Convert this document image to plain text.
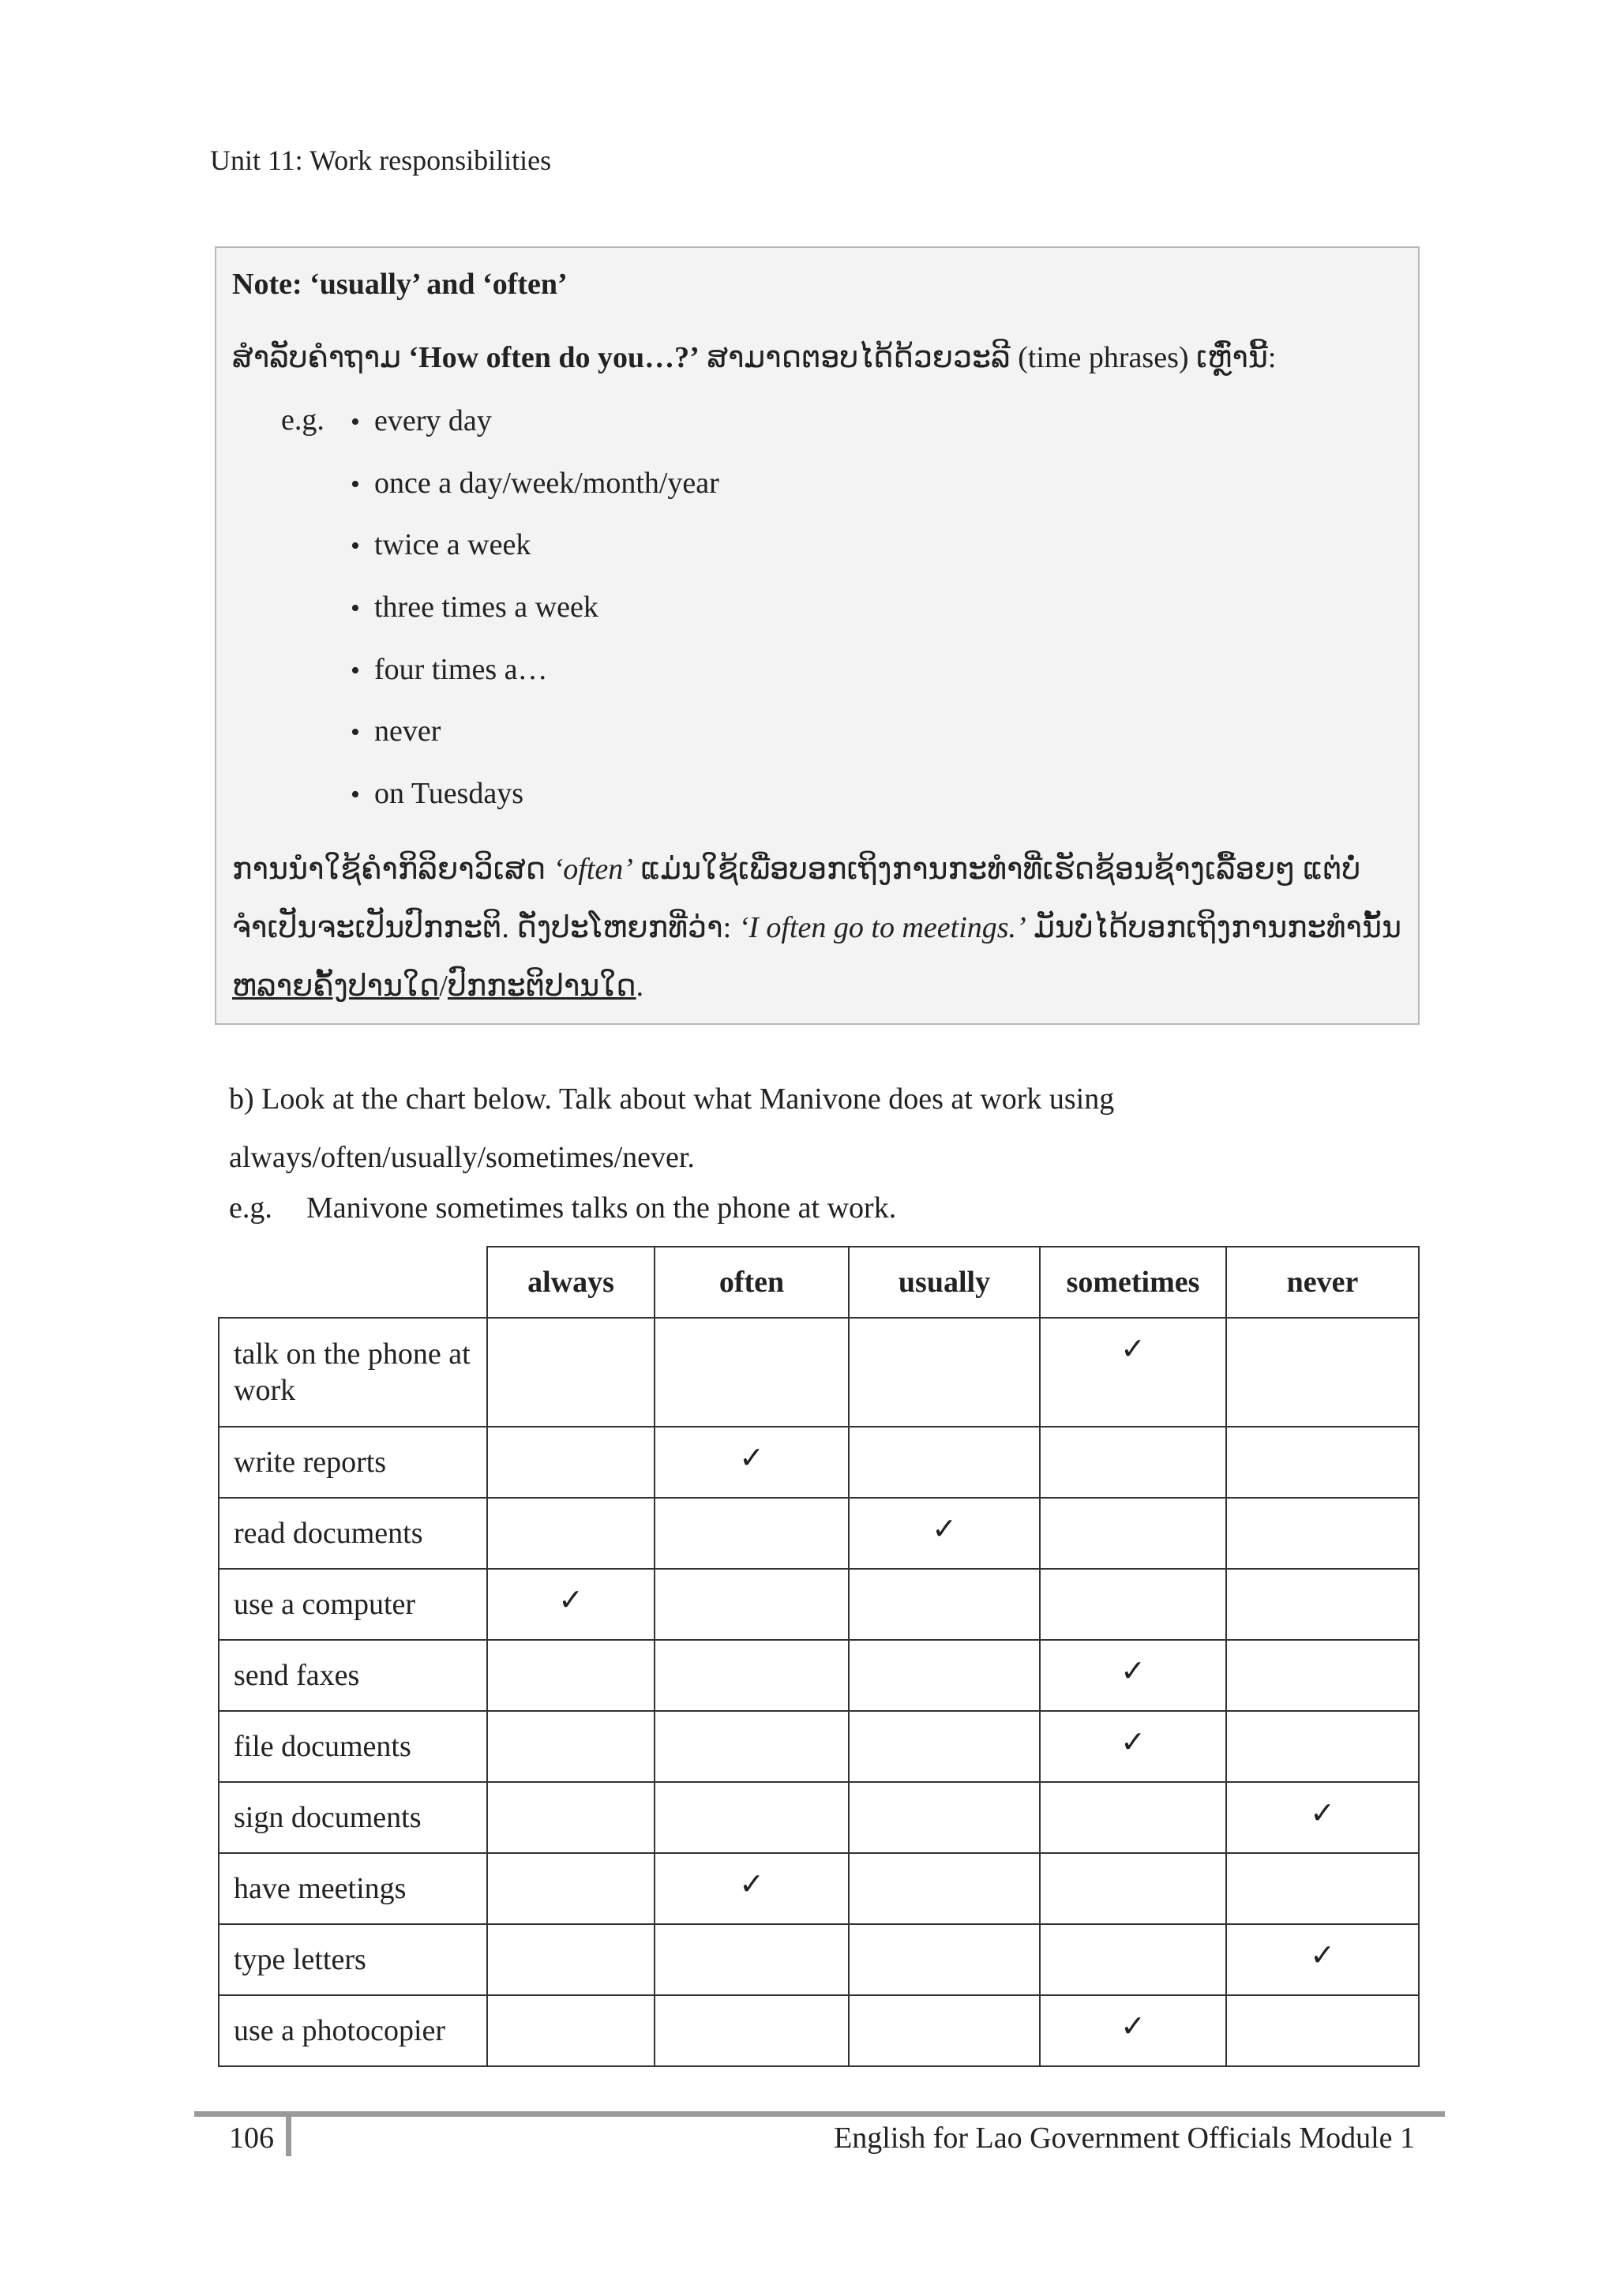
Unit 11: Work responsibilities
Note: ‘usually’ and ‘often’
ສຳລັບຄຳຖາມ ‘How often do you…?’ ສາມາດຕອບໄດ້ດ້ວຍວະລີ (time phrases) ເຫຼົ່ານີ້:
e.g. • every day
• once a day/week/month/year
• twice a week
• three times a week
• four times a…
• never
• on Tuesdays
ການນຳໃຊ້ຄຳກິລິຍາວິເສດ ‘often’ ແມ່ນໃຊ້ເພື່ອບອກເຖິງການກະທຳທີ່ເຮັດຊ້ອນຊ້າງເລື້ອຍໆ ແຕ່ບໍ່ຈຳເປັນຈະເປັນປົກກະຕິ. ດັ່ງປະໂຫຍກທີ່ວ່າ: ‘I often go to meetings.’ ມັນບໍ່ໄດ້ບອກເຖິງການກະທຳນັ້ນ ຫລາຍຄັ້ງປານໃດ/ປົກກະຕິປານໃດ.
b) Look at the chart below. Talk about what Manivone does at work using
always/often/usually/sometimes/never.
e.g. Manivone sometimes talks on the phone at work.
	always	often	usually	sometimes	never
talk on the phone at work				✓	
write reports		✓			
read documents			✓		
use a computer	✓				
send faxes				✓	
file documents				✓	
sign documents					✓
have meetings		✓			
type letters					✓
use a photocopier				✓	
106	English for Lao Government Officials Module 1
